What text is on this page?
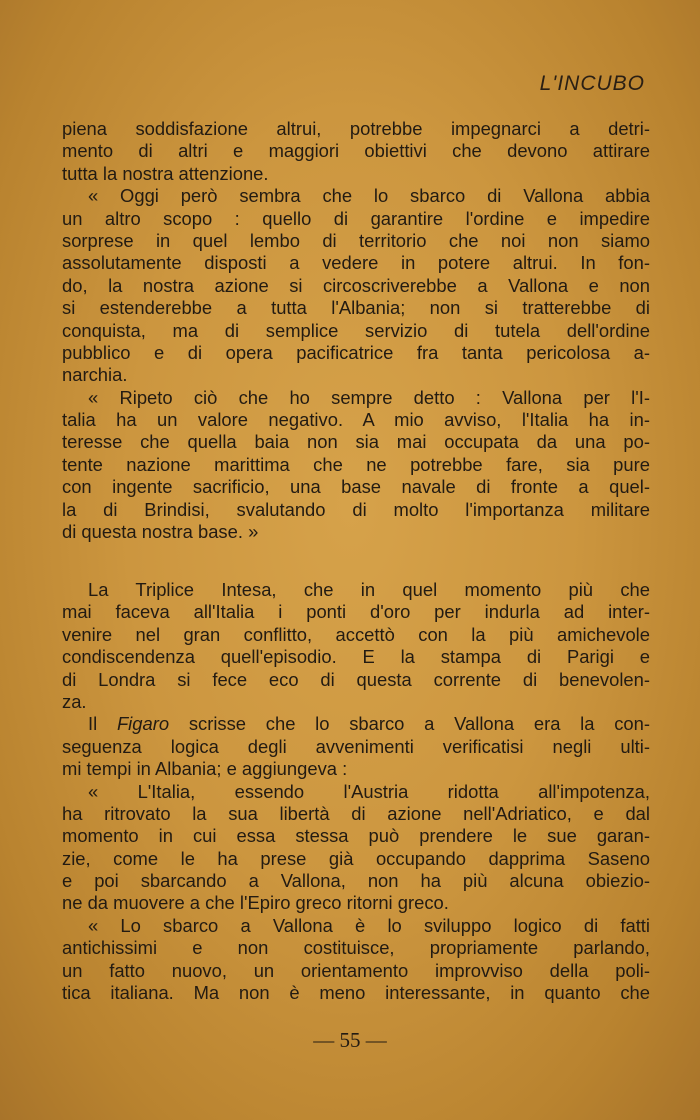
L'INCUBO
piena soddisfazione altrui, potrebbe impegnarci a detri-
mento di altri e maggiori obiettivi che devono attirare
tutta la nostra attenzione.
« Oggi però sembra che lo sbarco di Vallona abbia
un altro scopo : quello di garantire l'ordine e impedire
sorprese in quel lembo di territorio che noi non siamo
assolutamente disposti a vedere in potere altrui. In fon-
do, la nostra azione si circoscriverebbe a Vallona e non
si estenderebbe a tutta l'Albania; non si tratterebbe di
conquista, ma di semplice servizio di tutela dell'ordine
pubblico e di opera pacificatrice fra tanta pericolosa a-
narchia.
« Ripeto ciò che ho sempre detto : Vallona per l'I-
talia ha un valore negativo. A mio avviso, l'Italia ha in-
teresse che quella baia non sia mai occupata da una po-
tente nazione marittima che ne potrebbe fare, sia pure
con ingente sacrificio, una base navale di fronte a quel-
la di Brindisi, svalutando di molto l'importanza militare
di questa nostra base. »
La Triplice Intesa, che in quel momento più che
mai faceva all'Italia i ponti d'oro per indurla ad inter-
venire nel gran conflitto, accettò con la più amichevole
condiscendenza quell'episodio. E la stampa di Parigi e
di Londra si fece eco di questa corrente di benevolen-
za.
Il Figaro scrisse che lo sbarco a Vallona era la con-
seguenza logica degli avvenimenti verificatisi negli ulti-
mi tempi in Albania; e aggiungeva :
« L'Italia, essendo l'Austria ridotta all'impotenza,
ha ritrovato la sua libertà di azione nell'Adriatico, e dal
momento in cui essa stessa può prendere le sue garan-
zie, come le ha prese già occupando dapprima Saseno
e poi sbarcando a Vallona, non ha più alcuna obiezio-
ne da muovere a che l'Epiro greco ritorni greco.
« Lo sbarco a Vallona è lo sviluppo logico di fatti
antichissimi e non costituisce, propriamente parlando,
un fatto nuovo, un orientamento improvviso della poli-
tica italiana. Ma non è meno interessante, in quanto che
— 55 —
